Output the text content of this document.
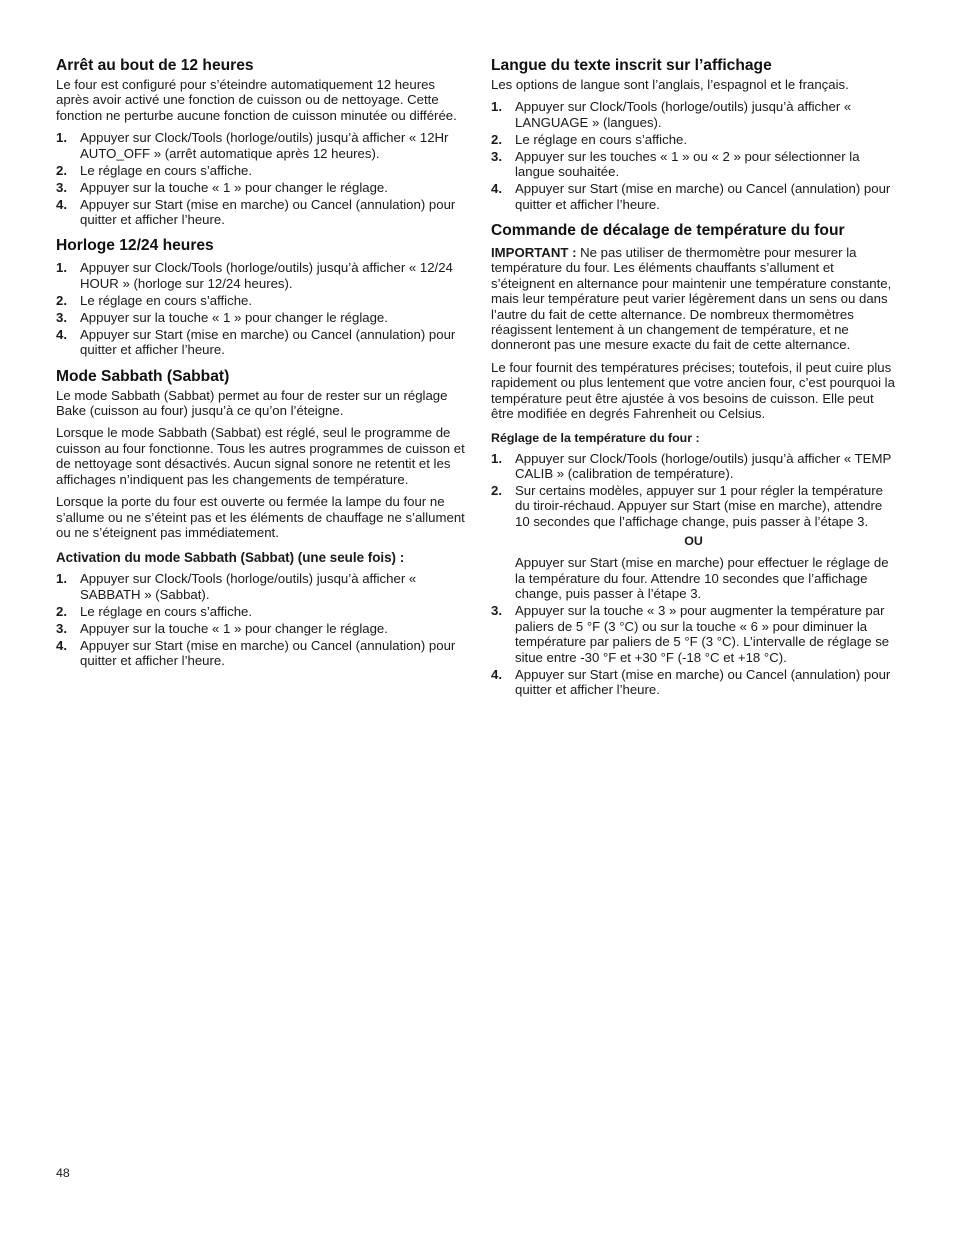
Arrêt au bout de 12 heures

Le four est configuré pour s’éteindre automatiquement 12 heures après avoir activé une fonction de cuisson ou de nettoyage. Cette fonction ne perturbe aucune fonction de cuisson minutée ou différée.

1. Appuyer sur Clock/Tools (horloge/outils) jusqu’à afficher « 12Hr AUTO_OFF » (arrêt automatique après 12 heures).
2. Le réglage en cours s’affiche.
3. Appuyer sur la touche « 1 » pour changer le réglage.
4. Appuyer sur Start (mise en marche) ou Cancel (annulation) pour quitter et afficher l’heure.
Horloge 12/24 heures
1. Appuyer sur Clock/Tools (horloge/outils) jusqu’à afficher « 12/24 HOUR » (horloge sur 12/24 heures).
2. Le réglage en cours s’affiche.
3. Appuyer sur la touche « 1 » pour changer le réglage.
4. Appuyer sur Start (mise en marche) ou Cancel (annulation) pour quitter et afficher l’heure.
Mode Sabbath (Sabbat)

Le mode Sabbath (Sabbat) permet au four de rester sur un réglage Bake (cuisson au four) jusqu’à ce qu’on l’éteigne.

Lorsque le mode Sabbath (Sabbat) est réglé, seul le programme de cuisson au four fonctionne. Tous les autres programmes de cuisson et de nettoyage sont désactivés. Aucun signal sonore ne retentit et les affichages n’indiquent pas les changements de température.

Lorsque la porte du four est ouverte ou fermée la lampe du four ne s’allume ou ne s’éteint pas et les éléments de chauffage ne s’allument ou ne s’éteignent pas immédiatement.

Activation du mode Sabbath (Sabbat) (une seule fois) :
1. Appuyer sur Clock/Tools (horloge/outils) jusqu’à afficher « SABBATH » (Sabbat).
2. Le réglage en cours s’affiche.
3. Appuyer sur la touche « 1 » pour changer le réglage.
4. Appuyer sur Start (mise en marche) ou Cancel (annulation) pour quitter et afficher l’heure.
Langue du texte inscrit sur l’affichage

Les options de langue sont l’anglais, l’espagnol et le français.

1. Appuyer sur Clock/Tools (horloge/outils) jusqu’à afficher « LANGUAGE » (langues).
2. Le réglage en cours s’affiche.
3. Appuyer sur les touches « 1 » ou « 2 » pour sélectionner la langue souhaitée.
4. Appuyer sur Start (mise en marche) ou Cancel (annulation) pour quitter et afficher l’heure.
Commande de décalage de température du four

IMPORTANT : Ne pas utiliser de thermomètre pour mesurer la température du four. Les éléments chauffants s’allument et s’éteignent en alternance pour maintenir une température constante, mais leur température peut varier légèrement dans un sens ou dans l’autre du fait de cette alternance. De nombreux thermomètres réagissent lentement à un changement de température, et ne donneront pas une mesure exacte du fait de cette alternance.

Le four fournit des températures précises; toutefois, il peut cuire plus rapidement ou plus lentement que votre ancien four, c’est pourquoi la température peut être ajustée à vos besoins de cuisson. Elle peut être modifiée en degrés Fahrenheit ou Celsius.

Réglage de la température du four :
1. Appuyer sur Clock/Tools (horloge/outils) jusqu’à afficher « TEMP CALIB » (calibration de température).
2. Sur certains modèles, appuyer sur 1 pour régler la température du tiroir-réchaud. Appuyer sur Start (mise en marche), attendre 10 secondes que l’affichage change, puis passer à l’étape 3.
OU

Appuyer sur Start (mise en marche) pour effectuer le réglage de la température du four. Attendre 10 secondes que l’affichage change, puis passer à l’étape 3.

3. Appuyer sur la touche « 3 » pour augmenter la température par paliers de 5 °F (3 °C) ou sur la touche « 6 » pour diminuer la température par paliers de 5 °F (3 °C). L’intervalle de réglage se situe entre -30 °F et +30 °F (-18 °C et +18 °C).
4. Appuyer sur Start (mise en marche) ou Cancel (annulation) pour quitter et afficher l’heure.
48
